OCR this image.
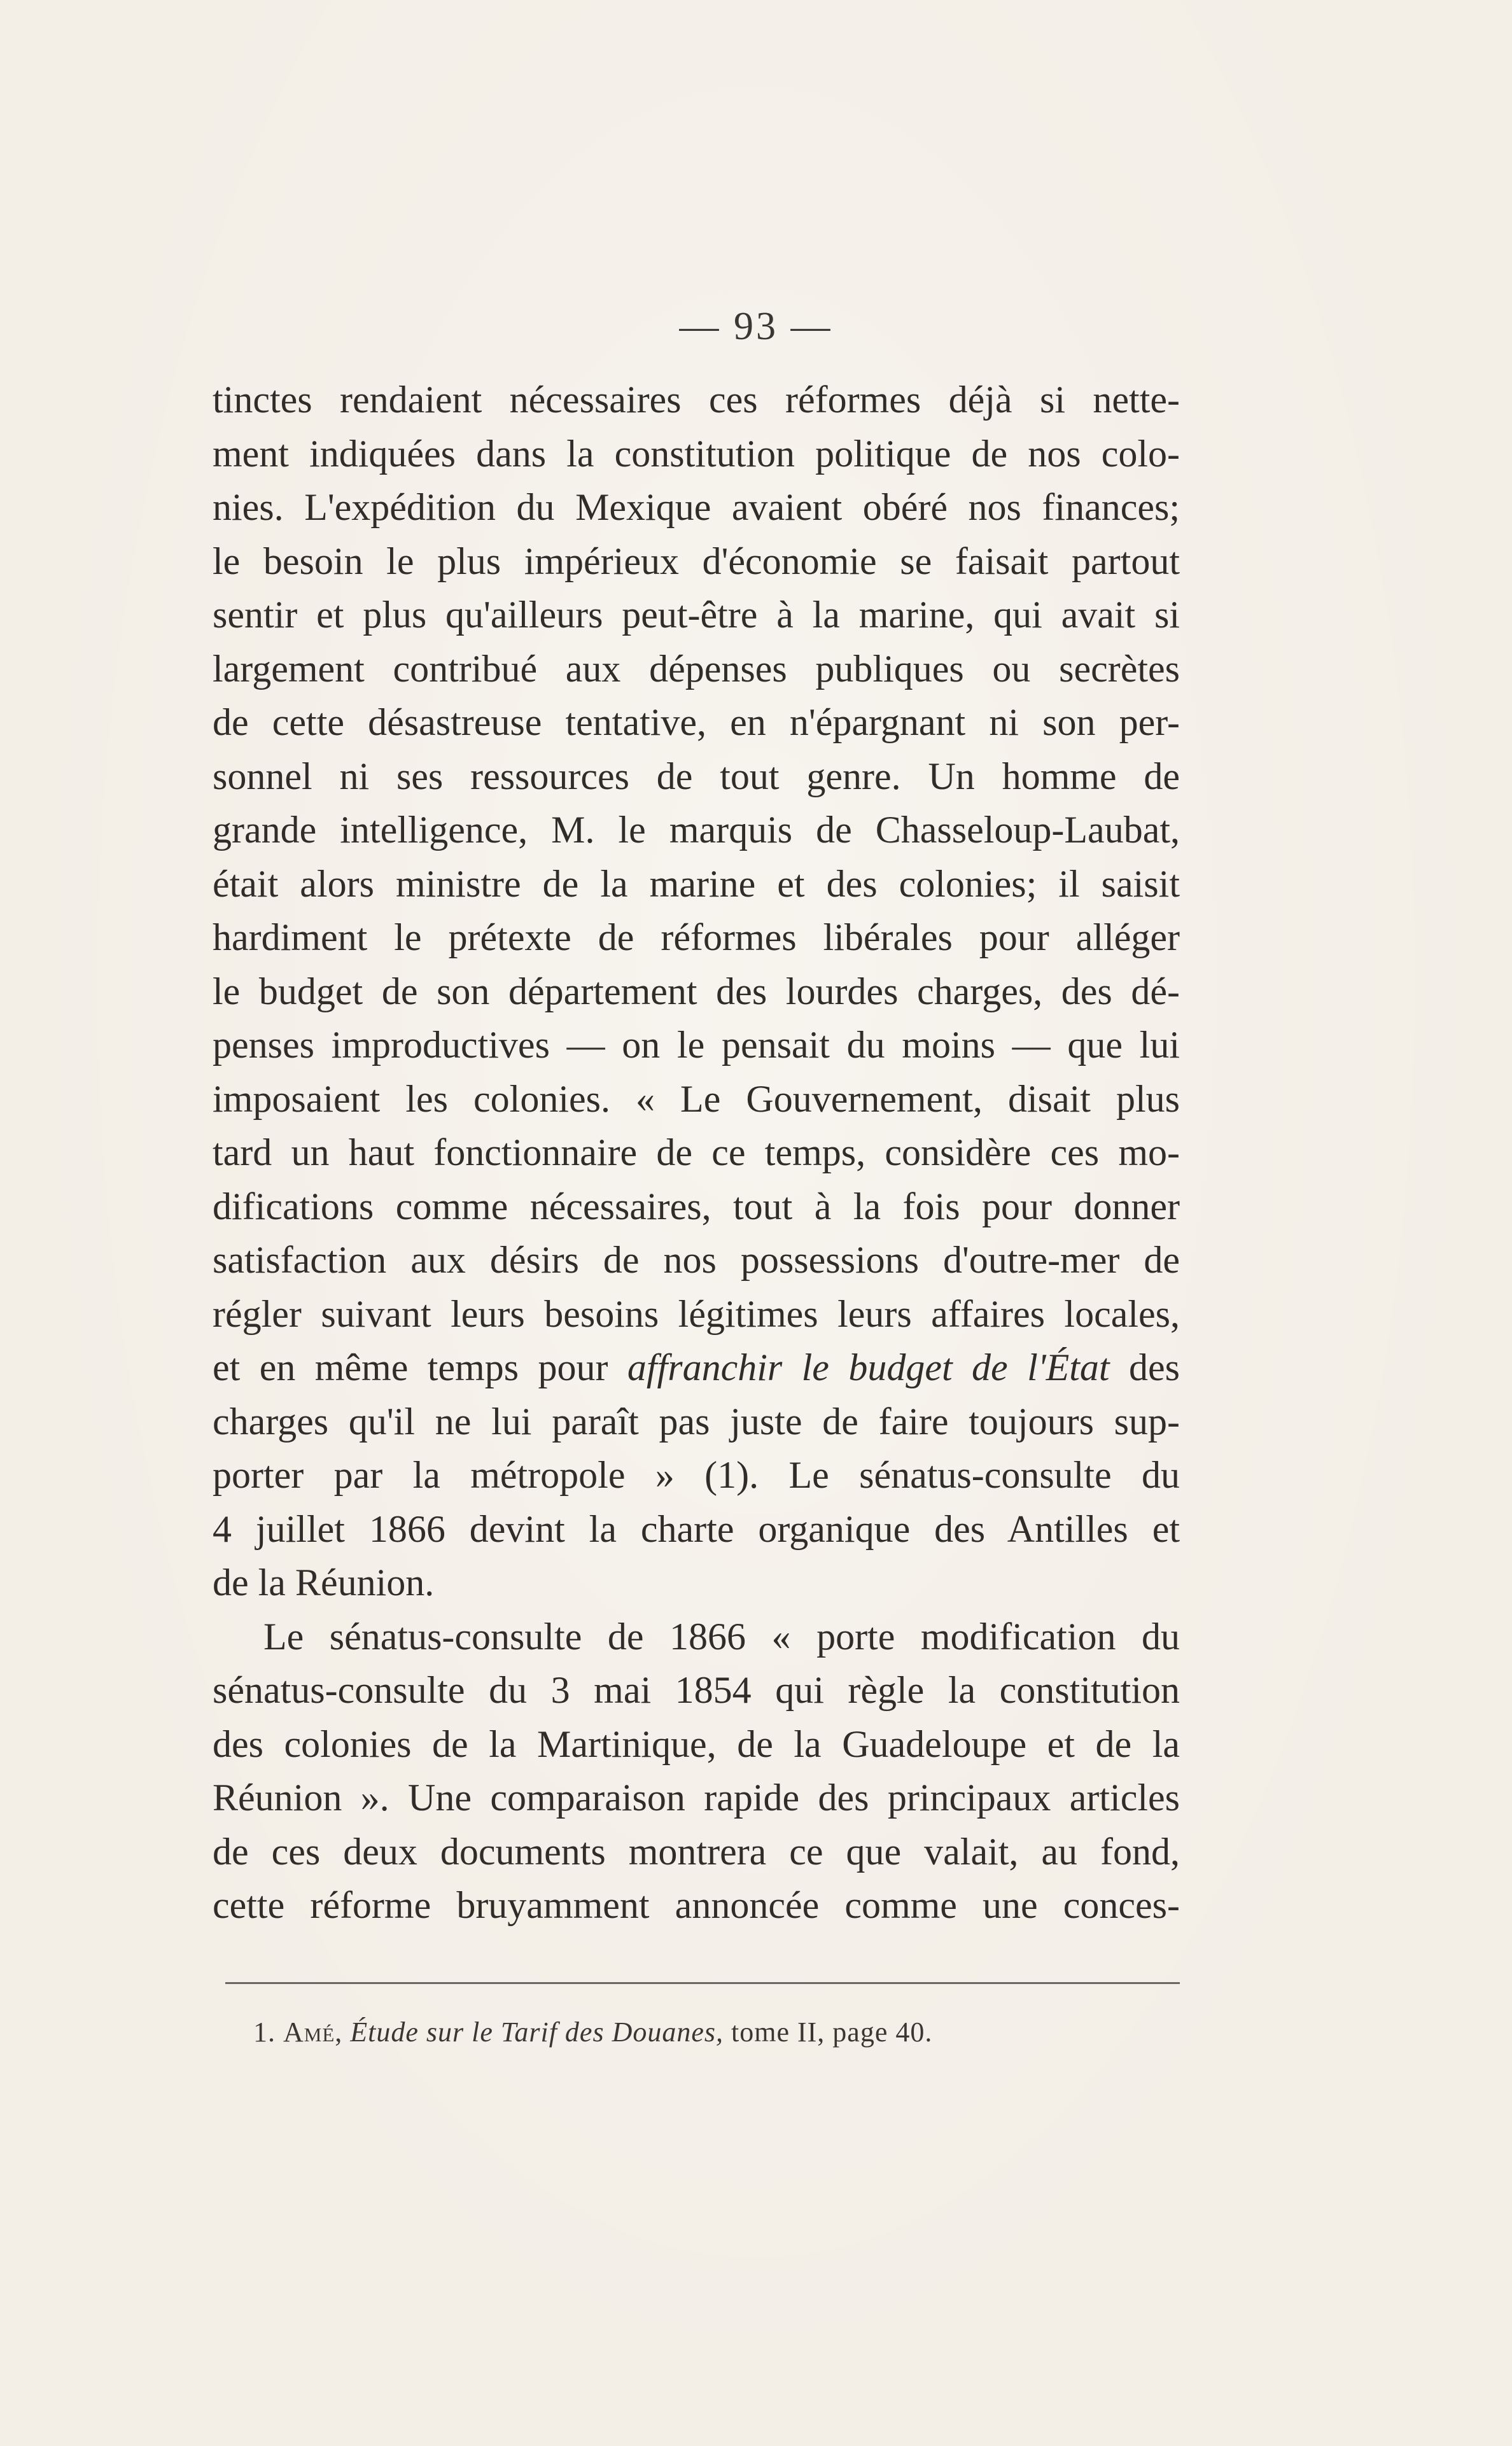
— 93 —
tinctes rendaient nécessaires ces réformes déjà si nette-
ment indiquées dans la constitution politique de nos colo-
nies. L'expédition du Mexique avaient obéré nos finances;
le besoin le plus impérieux d'économie se faisait partout
sentir et plus qu'ailleurs peut-être à la marine, qui avait si
largement contribué aux dépenses publiques ou secrètes
de cette désastreuse tentative, en n'épargnant ni son per-
sonnel ni ses ressources de tout genre. Un homme de
grande intelligence, M. le marquis de Chasseloup-Laubat,
était alors ministre de la marine et des colonies; il saisit
hardiment le prétexte de réformes libérales pour alléger
le budget de son département des lourdes charges, des dé-
penses improductives — on le pensait du moins — que lui
imposaient les colonies. « Le Gouvernement, disait plus
tard un haut fonctionnaire de ce temps, considère ces mo-
difications comme nécessaires, tout à la fois pour donner
satisfaction aux désirs de nos possessions d'outre-mer de
régler suivant leurs besoins légitimes leurs affaires locales,
et en même temps pour affranchir le budget de l'État des
charges qu'il ne lui paraît pas juste de faire toujours sup-
porter par la métropole » (1). Le sénatus-consulte du
4 juillet 1866 devint la charte organique des Antilles et
de la Réunion.
Le sénatus-consulte de 1866 « porte modification du
sénatus-consulte du 3 mai 1854 qui règle la constitution
des colonies de la Martinique, de la Guadeloupe et de la
Réunion ». Une comparaison rapide des principaux articles
de ces deux documents montrera ce que valait, au fond,
cette réforme bruyamment annoncée comme une conces-
1. Amé, Étude sur le Tarif des Douanes, tome II, page 40.
